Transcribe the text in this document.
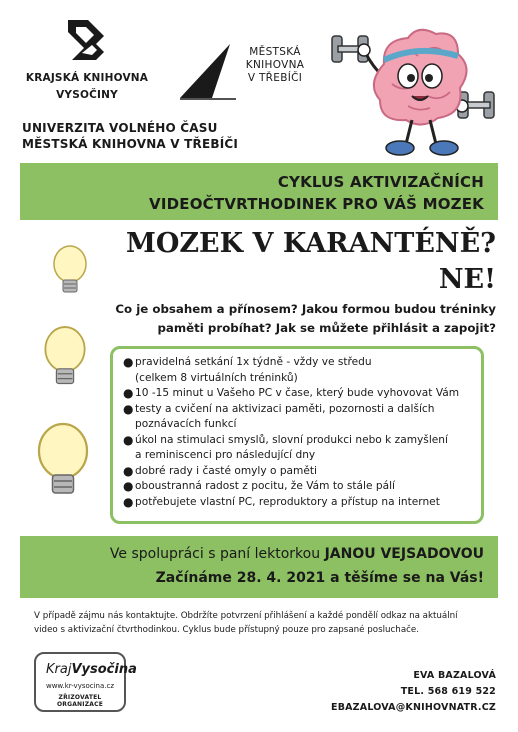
KRAJSKÁ KNIHOVNA
VYSOČINY
MĚSTSKÁ
KNIHOVNA
V TŘEBÍČI
UNIVERZITA VOLNÉHO ČASU
MĚSTSKÁ KNIHOVNA V TŘEBÍČI
CYKLUS AKTIVIZAČNÍCH
VIDEOČTVRTHODINEK PRO VÁŠ MOZEK
MOZEK V KARANTÉNĚ?
NE!
Co je obsahem a přínosem? Jakou formou budou tréninky
paměti probíhat? Jak se můžete přihlásit a zapojit?
● pravidelná setkání 1x týdně - vždy ve středu
(celkem 8 virtuálních tréninků)
● 10 -15 minut u Vašeho PC v čase, který bude vyhovovat Vám
● testy a cvičení na aktivizaci paměti, pozornosti a dalších
poznávacích funkcí
● úkol na stimulaci smyslů, slovní produkci nebo k zamyšlení
a reminiscenci pro následující dny
● dobré rady i časté omyly o paměti
● oboustranná radost z pocitu, že Vám to stále pálí
● potřebujete vlastní PC, reproduktory a přístup na internet
Ve spolupráci s paní lektorkou JANOU VEJSADOVOU
Začínáme 28. 4. 2021 a těšíme se na Vás!
V případě zájmu nás kontaktujte. Obdržíte potvrzení přihlášení a každé pondělí odkaz na aktuální
video s aktivizační čtvrthodinkou. Cyklus bude přístupný pouze pro zapsané posluchače.
KrajVysočina
www.kr-vysocina.cz
ZŘIZOVATEL ORGANIZACE
EVA BAZALOVÁ
TEL. 568 619 522
EBAZALOVA@KNIHOVNATR.CZ
